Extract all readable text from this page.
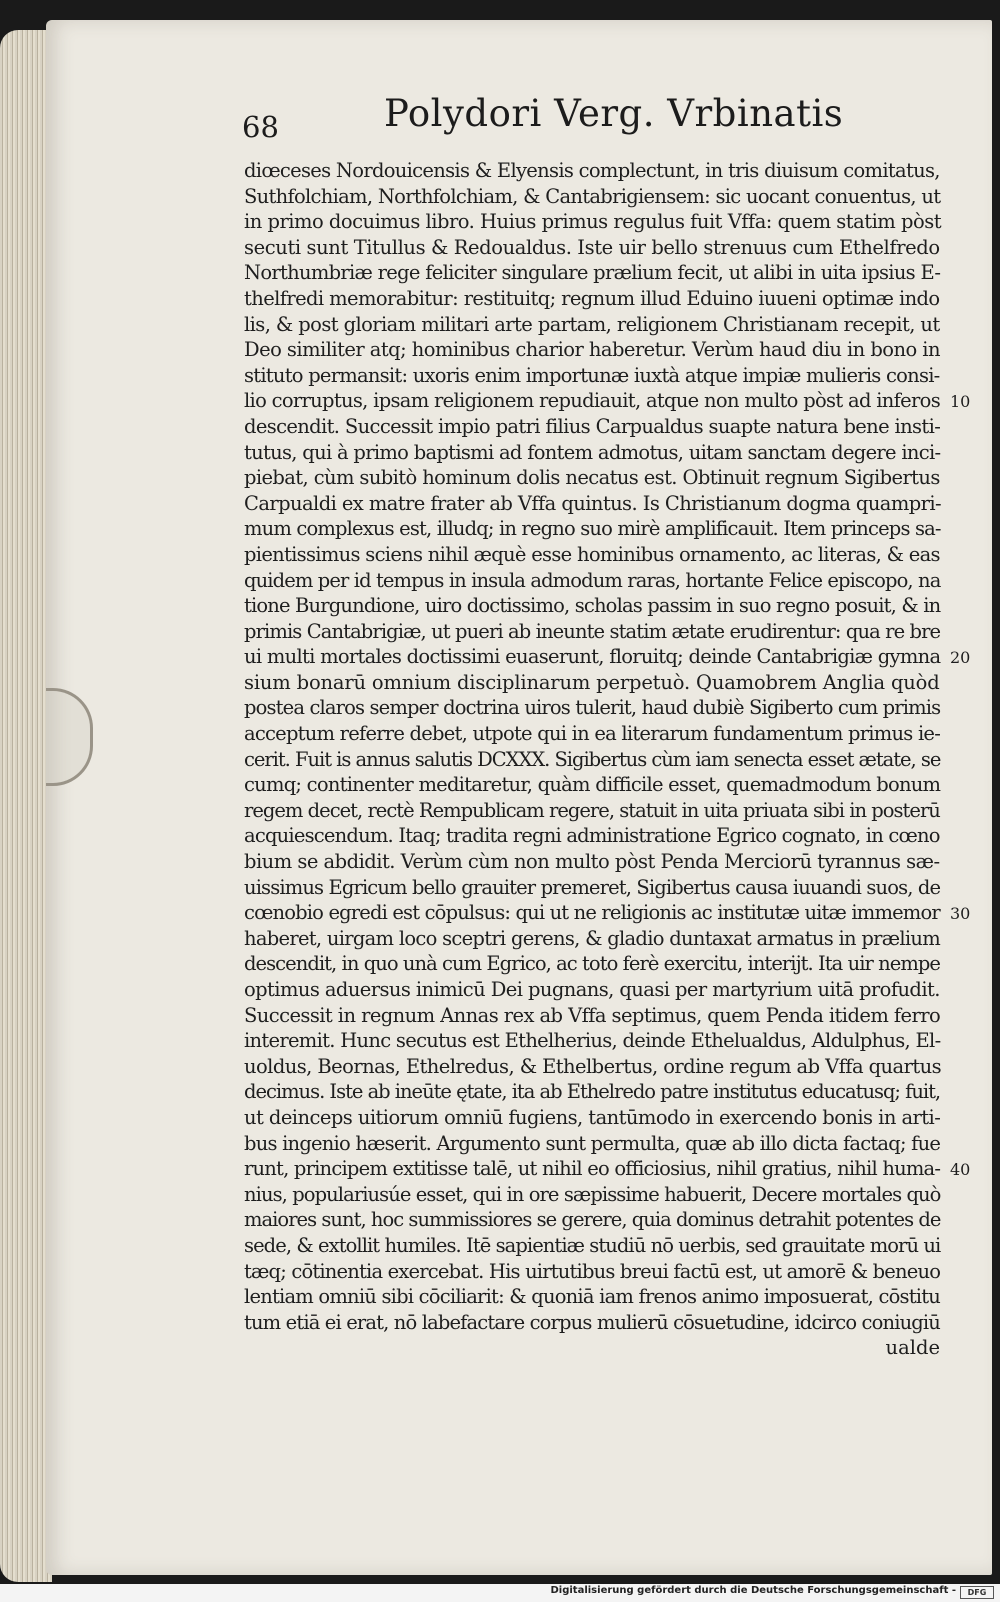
68	Polydori Verg. Vrbinatis
diœceses Nordouicensis & Elyensis complectunt, in tris diuisum comitatus,
Suthfolchiam, Northfolchiam, & Cantabrigiensem: sic uocant conuentus, ut
in primo docuimus libro. Huius primus regulus fuit Vffa: quem statim pòst
secuti sunt Titullus & Redoualdus. Iste uir bello strenuus cum Ethelfredo
Northumbriæ rege feliciter singulare prælium fecit, ut alibi in uita ipsius E-
thelfredi memorabitur: restituitq; regnum illud Eduino iuueni optimæ indo
lis, & post gloriam militari arte partam, religionem Christianam recepit, ut
Deo similiter atq; hominibus charior haberetur. Verùm haud diu in bono in
stituto permansit: uxoris enim importunæ iuxtà atque impiæ mulieris consi-
lio corruptus, ipsam religionem repudiauit, atque non multo pòst ad inferos
descendit. Successit impio patri filius Carpualdus suapte natura bene insti-
tutus, qui à primo baptismi ad fontem admotus, uitam sanctam degere inci-
piebat, cùm subitò hominum dolis necatus est. Obtinuit regnum Sigibertus
Carpualdi ex matre frater ab Vffa quintus. Is Christianum dogma quampri-
mum complexus est, illudq; in regno suo mirè amplificauit. Item princeps sa-
pientissimus sciens nihil æquè esse hominibus ornamento, ac literas, & eas
quidem per id tempus in insula admodum raras, hortante Felice episcopo, na
tione Burgundione, uiro doctissimo, scholas passim in suo regno posuit, & in
primis Cantabrigiæ, ut pueri ab ineunte statim ætate erudirentur: qua re bre
ui multi mortales doctissimi euaserunt, floruitq; deinde Cantabrigiæ gymna
sium bonarū omnium disciplinarum perpetuò. Quamobrem Anglia quòd
postea claros semper doctrina uiros tulerit, haud dubiè Sigiberto cum primis
acceptum referre debet, utpote qui in ea literarum fundamentum primus ie-
cerit. Fuit is annus salutis DCXXX. Sigibertus cùm iam senecta esset ætate, se
cumq; continenter meditaretur, quàm difficile esset, quemadmodum bonum
regem decet, rectè Rempublicam regere, statuit in uita priuata sibi in posterū
acquiescendum. Itaq; tradita regni administratione Egrico cognato, in cœno
bium se abdidit. Verùm cùm non multo pòst Penda Merciorū tyrannus sæ-
uissimus Egricum bello grauiter premeret, Sigibertus causa iuuandi suos, de
cœnobio egredi est cōpulsus: qui ut ne religionis ac institutæ uitæ immemor
haberet, uirgam loco sceptri gerens, & gladio duntaxat armatus in prælium
descendit, in quo unà cum Egrico, ac toto ferè exercitu, interijt. Ita uir nempe
optimus aduersus inimicū Dei pugnans, quasi per martyrium uitā profudit.
Successit in regnum Annas rex ab Vffa septimus, quem Penda itidem ferro
interemit. Hunc secutus est Ethelherius, deinde Ethelualdus, Aldulphus, El-
uoldus, Beornas, Ethelredus, & Ethelbertus, ordine regum ab Vffa quartus
decimus. Iste ab ineūte ętate, ita ab Ethelredo patre institutus educatusq; fuit,
ut deinceps uitiorum omniū fugiens, tantūmodo in exercendo bonis in arti-
bus ingenio hæserit. Argumento sunt permulta, quæ ab illo dicta factaq; fue
runt, principem extitisse talē, ut nihil eo officiosius, nihil gratius, nihil huma-
nius, populariusúe esset, qui in ore sæpissime habuerit, Decere mortales quò
maiores sunt, hoc summissiores se gerere, quia dominus detrahit potentes de
sede, & extollit humiles. Itē sapientiæ studiū nō uerbis, sed grauitate morū ui
tæq; cōtinentia exercebat. His uirtutibus breui factū est, ut amorē & beneuo
lentiam omniū sibi cōciliarit: & quoniā iam frenos animo imposuerat, cōstitu
tum etiā ei erat, nō labefactare corpus mulierū cōsuetudine, idcirco coniugiū
ualde
10
20
30
40
Digitalisierung gefördert durch die Deutsche Forschungsgemeinschaft -	DFG
